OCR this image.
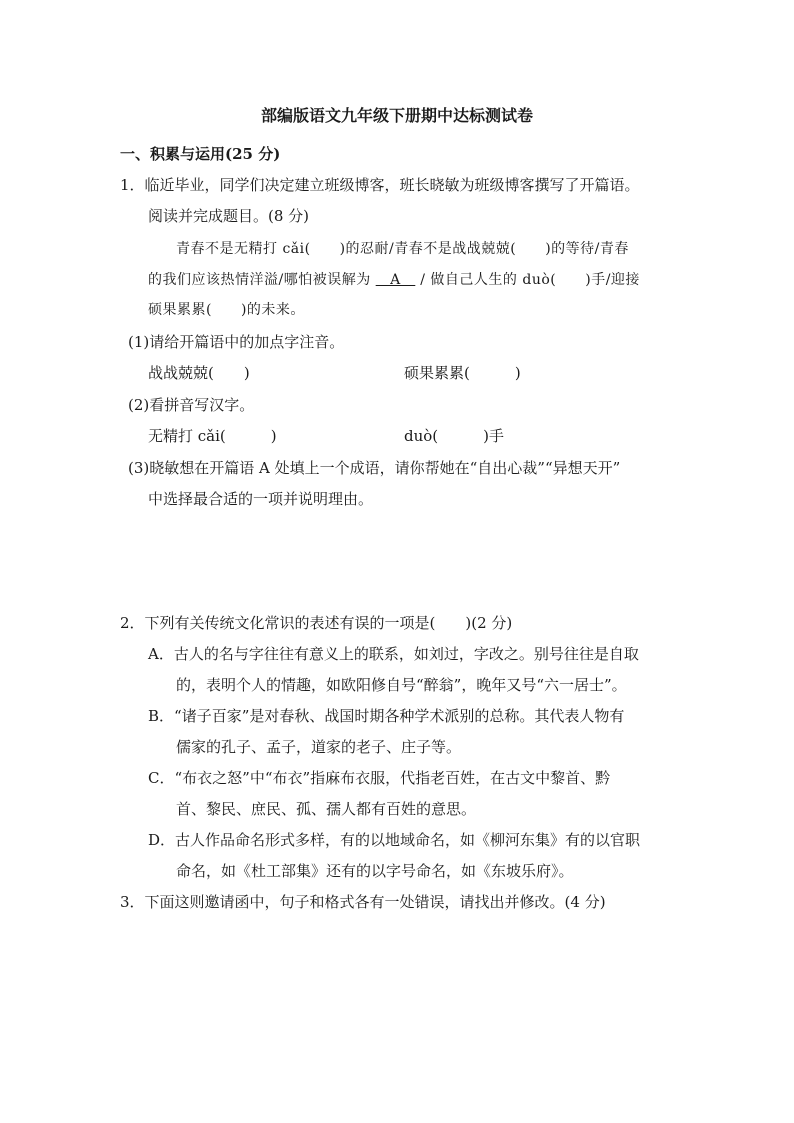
部编版语文九年级下册期中达标测试卷
一、积累与运用(25 分)
1．临近毕业，同学们决定建立班级博客，班长晓敏为班级博客撰写了开篇语。
阅读并完成题目。(8 分)
青春不是无精打 cǎi(　　)的忍耐/青春不是战战兢兢(　　)的等待/青春
的我们应该热情洋溢/哪怕被误解为 　A　 / 做自己人生的 duò(　　)手/迎接
硕果累累(　　)的未来。
(1)请给开篇语中的加点字注音。
战战兢兢(　　)	硕果累累(　　　)
(2)看拼音写汉字。
无精打 cǎi(　　　)	duò(　　　)手
(3)晓敏想在开篇语 A 处填上一个成语，请你帮她在“自出心裁”“异想天开”
中选择最合适的一项并说明理由。
2．下列有关传统文化常识的表述有误的一项是(　　)(2 分)
A．古人的名与字往往有意义上的联系，如刘过，字改之。别号往往是自取
的，表明个人的情趣，如欧阳修自号“醉翁”，晚年又号“六一居士”。
B．“诸子百家”是对春秋、战国时期各种学术派别的总称。其代表人物有
儒家的孔子、孟子，道家的老子、庄子等。
C．“布衣之怒”中“布衣”指麻布衣服，代指老百姓，在古文中黎首、黔
首、黎民、庶民、孤、孺人都有百姓的意思。
D．古人作品命名形式多样，有的以地域命名，如《柳河东集》有的以官职
命名，如《杜工部集》还有的以字号命名，如《东坡乐府》。
3．下面这则邀请函中，句子和格式各有一处错误，请找出并修改。(4 分)
